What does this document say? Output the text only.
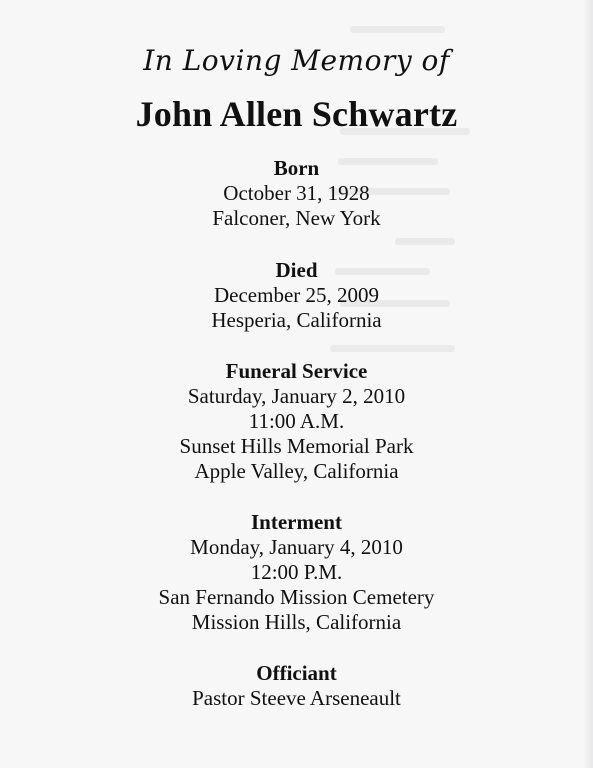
In Loving Memory of
John Allen Schwartz
Born
October 31, 1928
Falconer, New York
Died
December 25, 2009
Hesperia, California
Funeral Service
Saturday, January 2, 2010
11:00 A.M.
Sunset Hills Memorial Park
Apple Valley, California
Interment
Monday, January 4, 2010
12:00 P.M.
San Fernando Mission Cemetery
Mission Hills, California
Officiant
Pastor Steeve Arseneault
